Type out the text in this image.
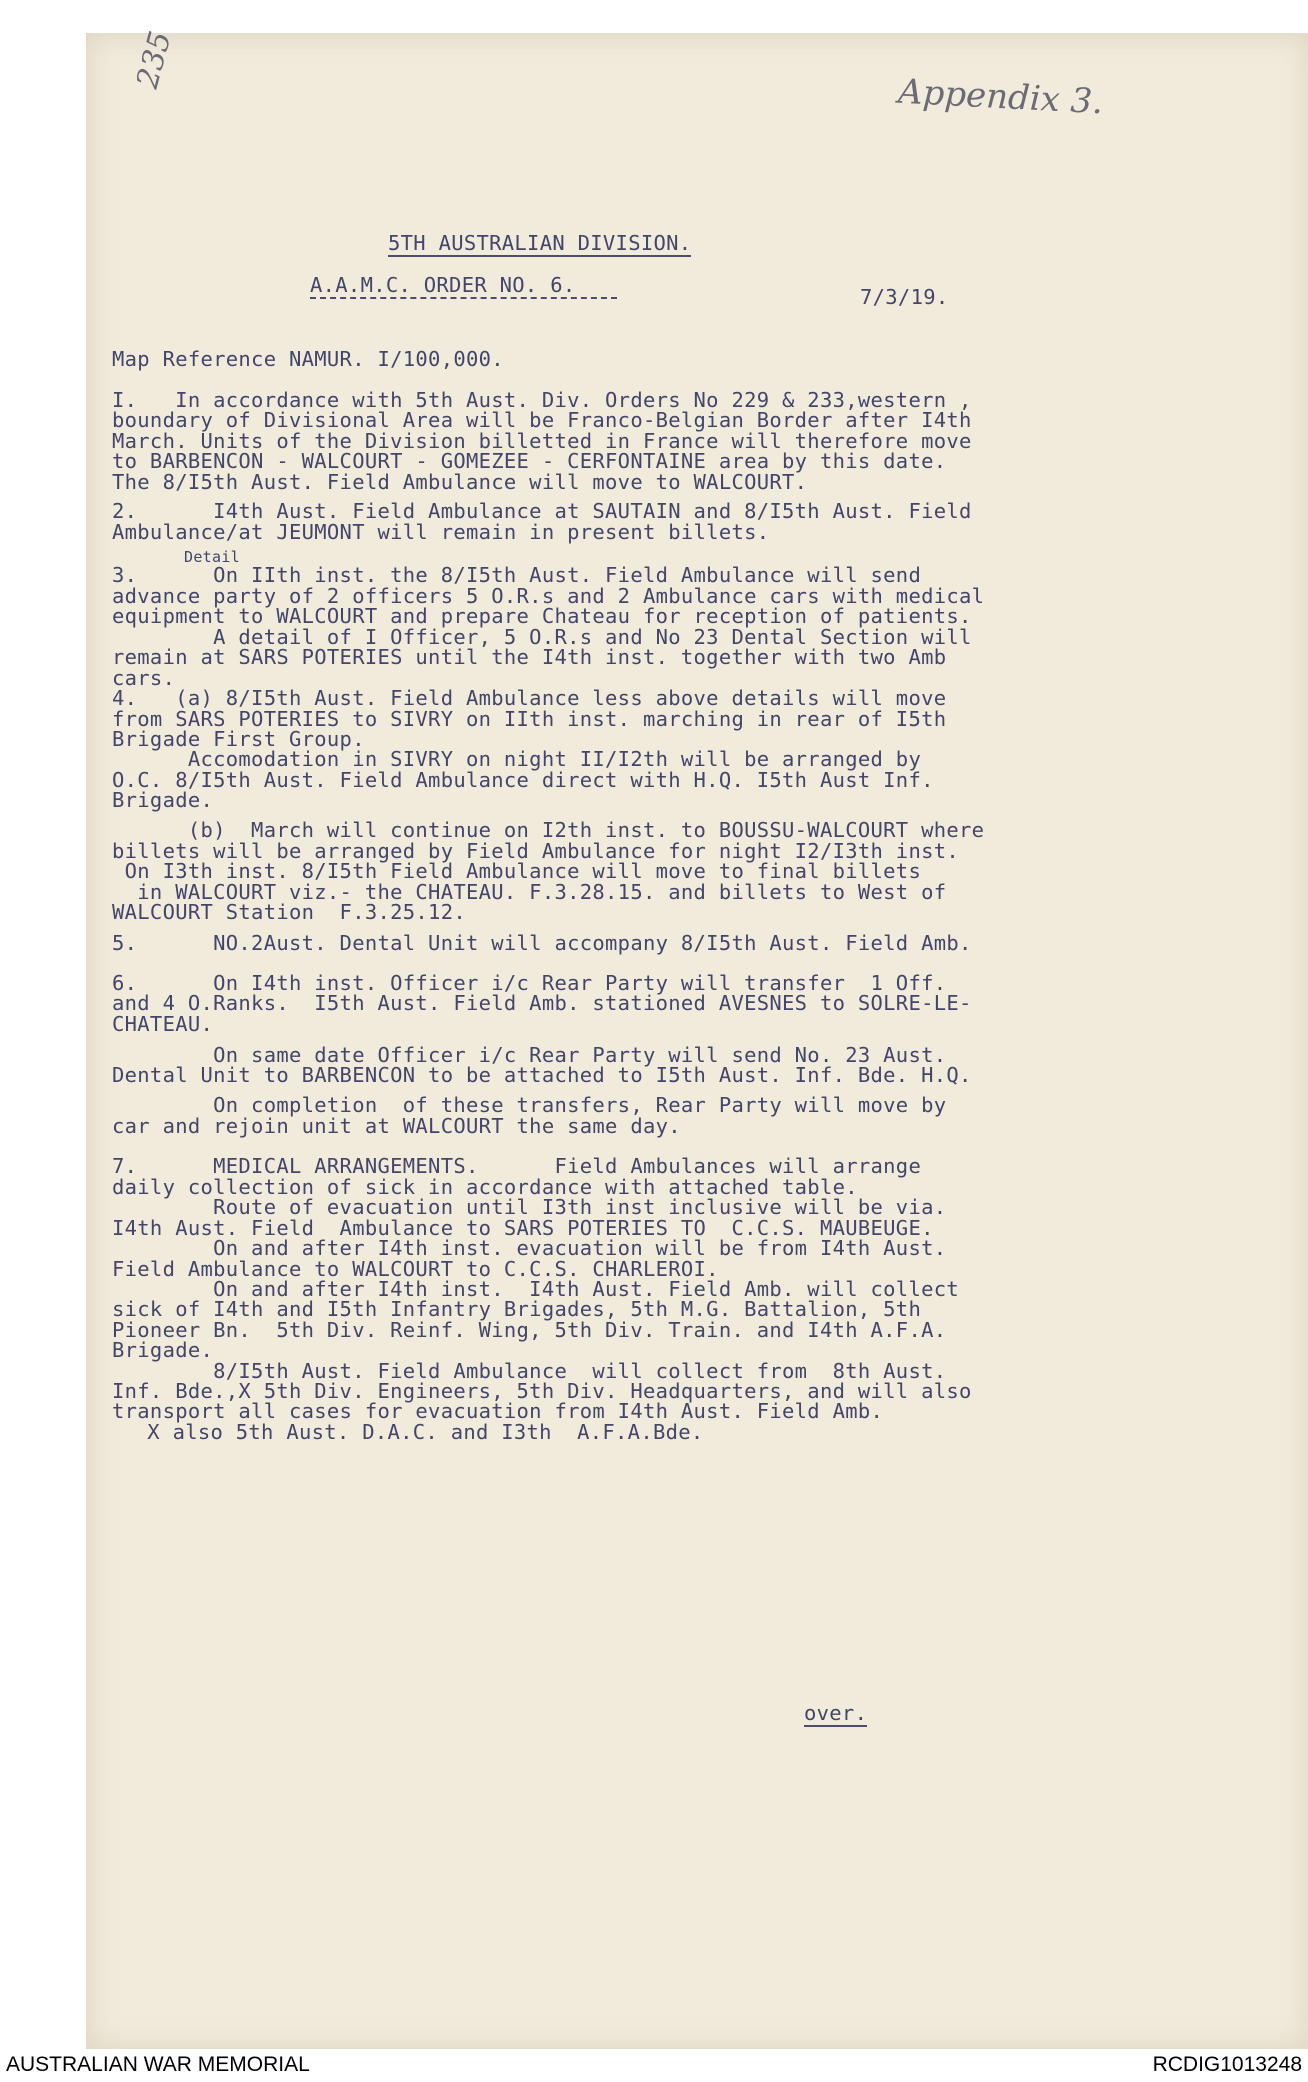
235
Appendix 3.
5TH AUSTRALIAN DIVISION.
A.A.M.C. ORDER NO. 6.	7/3/19.
Map Reference NAMUR. I/100,000.
I.   In accordance with 5th Aust. Div. Orders No 229 & 233,western ,
boundary of Divisional Area will be Franco-Belgian Border after I4th
March. Units of the Division billetted in France will therefore move
to BARBENCON - WALCOURT - GOMEZEE - CERFONTAINE area by this date.
The 8/I5th Aust. Field Ambulance will move to WALCOURT.
2.      I4th Aust. Field Ambulance at SAUTAIN and 8/I5th Aust. Field
Ambulance/at JEUMONT will remain in present billets.
3.      On IIth inst. the 8/I5th Aust. Field Ambulance will send
advance party of 2 officers 5 O.R.s and 2 Ambulance cars with medical
equipment to WALCOURT and prepare Chateau for reception of patients.
A detail of I Officer, 5 O.R.s and No 23 Dental Section will
remain at SARS POTERIES until the I4th inst. together with two Amb
cars.
4.   (a) 8/I5th Aust. Field Ambulance less above details will move
from SARS POTERIES to SIVRY on IIth inst. marching in rear of I5th
Brigade First Group.
Accomodation in SIVRY on night II/I2th will be arranged by
O.C. 8/I5th Aust. Field Ambulance direct with H.Q. I5th Aust Inf.
Brigade.
(b)  March will continue on I2th inst. to BOUSSU-WALCOURT where
billets will be arranged by Field Ambulance for night I2/I3th inst.
On I3th inst. 8/I5th Field Ambulance will move to final billets
in WALCOURT viz.- the CHATEAU. F.3.28.15. and billets to West of
WALCOURT Station  F.3.25.12.
5.      NO.2Aust. Dental Unit will accompany 8/I5th Aust. Field Amb.
6.      On I4th inst. Officer i/c Rear Party will transfer  1 Off.
and 4 O.Ranks.  I5th Aust. Field Amb. stationed AVESNES to SOLRE-LE-
CHATEAU.
On same date Officer i/c Rear Party will send No. 23 Aust.
Dental Unit to BARBENCON to be attached to I5th Aust. Inf. Bde. H.Q.
On completion  of these transfers, Rear Party will move by
car and rejoin unit at WALCOURT the same day.
7.      MEDICAL ARRANGEMENTS.      Field Ambulances will arrange
daily collection of sick in accordance with attached table.
Route of evacuation until I3th inst inclusive will be via.
I4th Aust. Field  Ambulance to SARS POTERIES TO  C.C.S. MAUBEUGE.
On and after I4th inst. evacuation will be from I4th Aust.
Field Ambulance to WALCOURT to C.C.S. CHARLEROI.
On and after I4th inst.  I4th Aust. Field Amb. will collect
sick of I4th and I5th Infantry Brigades, 5th M.G. Battalion, 5th
Pioneer Bn.  5th Div. Reinf. Wing, 5th Div. Train. and I4th A.F.A.
Brigade.
8/I5th Aust. Field Ambulance  will collect from  8th Aust.
Inf. Bde.,X 5th Div. Engineers, 5th Div. Headquarters, and will also
transport all cases for evacuation from I4th Aust. Field Amb.
X also 5th Aust. D.A.C. and I3th  A.F.A.Bde.
Detail
over.
AUSTRALIAN WAR MEMORIAL	RCDIG1013248
